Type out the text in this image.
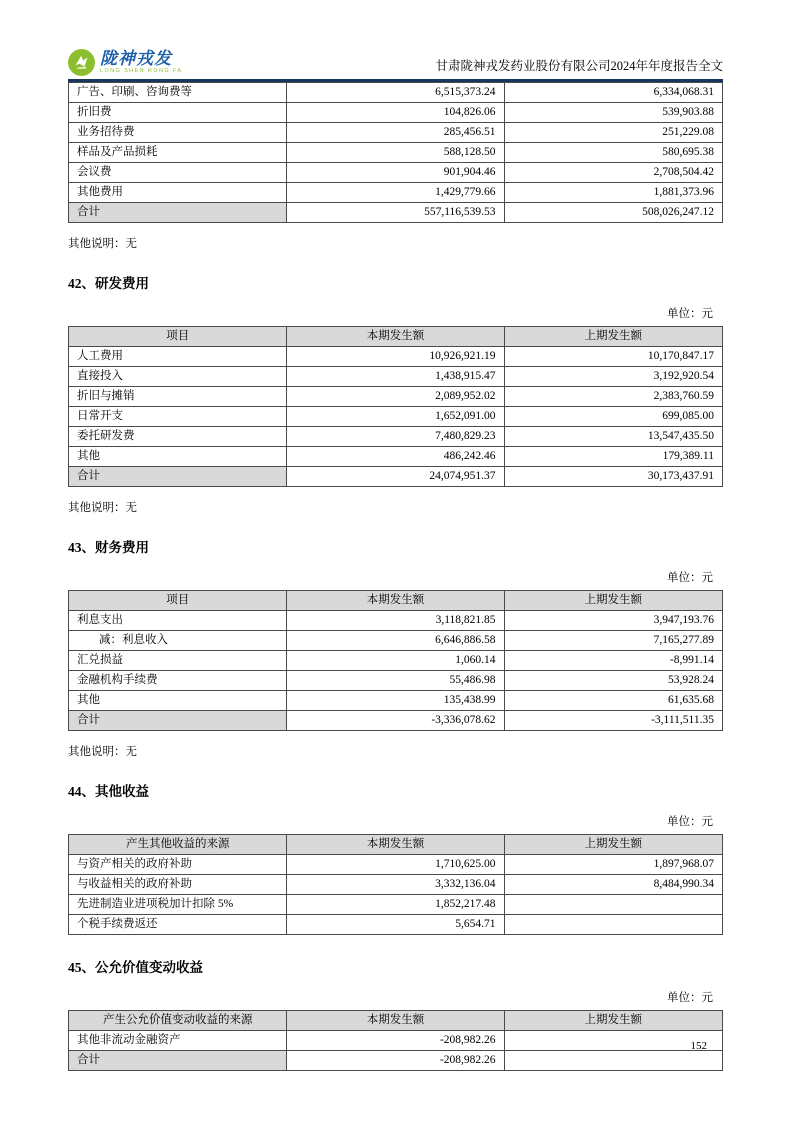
陇神戎发
LONG SHEN RONG FA	甘肃陇神戎发药业股份有限公司2024年年度报告全文
广告、印刷、咨询费等	6,515,373.24	6,334,068.31
折旧费	104,826.06	539,903.88
业务招待费	285,456.51	251,229.08
样品及产品损耗	588,128.50	580,695.38
会议费	901,904.46	2,708,504.42
其他费用	1,429,779.66	1,881,373.96
合计	557,116,539.53	508,026,247.12

其他说明：无

42、研发费用
单位：元
项目	本期发生额	上期发生额
人工费用	10,926,921.19	10,170,847.17
直接投入	1,438,915.47	3,192,920.54
折旧与摊销	2,089,952.02	2,383,760.59
日常开支	1,652,091.00	699,085.00
委托研发费	7,480,829.23	13,547,435.50
其他	486,242.46	179,389.11
合计	24,074,951.37	30,173,437.91

其他说明：无

43、财务费用
单位：元
项目	本期发生额	上期发生额
利息支出	3,118,821.85	3,947,193.76
减：利息收入	6,646,886.58	7,165,277.89
汇兑损益	1,060.14	-8,991.14
金融机构手续费	55,486.98	53,928.24
其他	135,438.99	61,635.68
合计	-3,336,078.62	-3,111,511.35

其他说明：无

44、其他收益
单位：元
产生其他收益的来源	本期发生额	上期发生额
与资产相关的政府补助	1,710,625.00	1,897,968.07
与收益相关的政府补助	3,332,136.04	8,484,990.34
先进制造业进项税加计扣除 5%	1,852,217.48	
个税手续费返还	5,654.71	
45、公允价值变动收益
单位：元
产生公允价值变动收益的来源	本期发生额	上期发生额
其他非流动金融资产	-208,982.26	
合计	-208,982.26	
152
